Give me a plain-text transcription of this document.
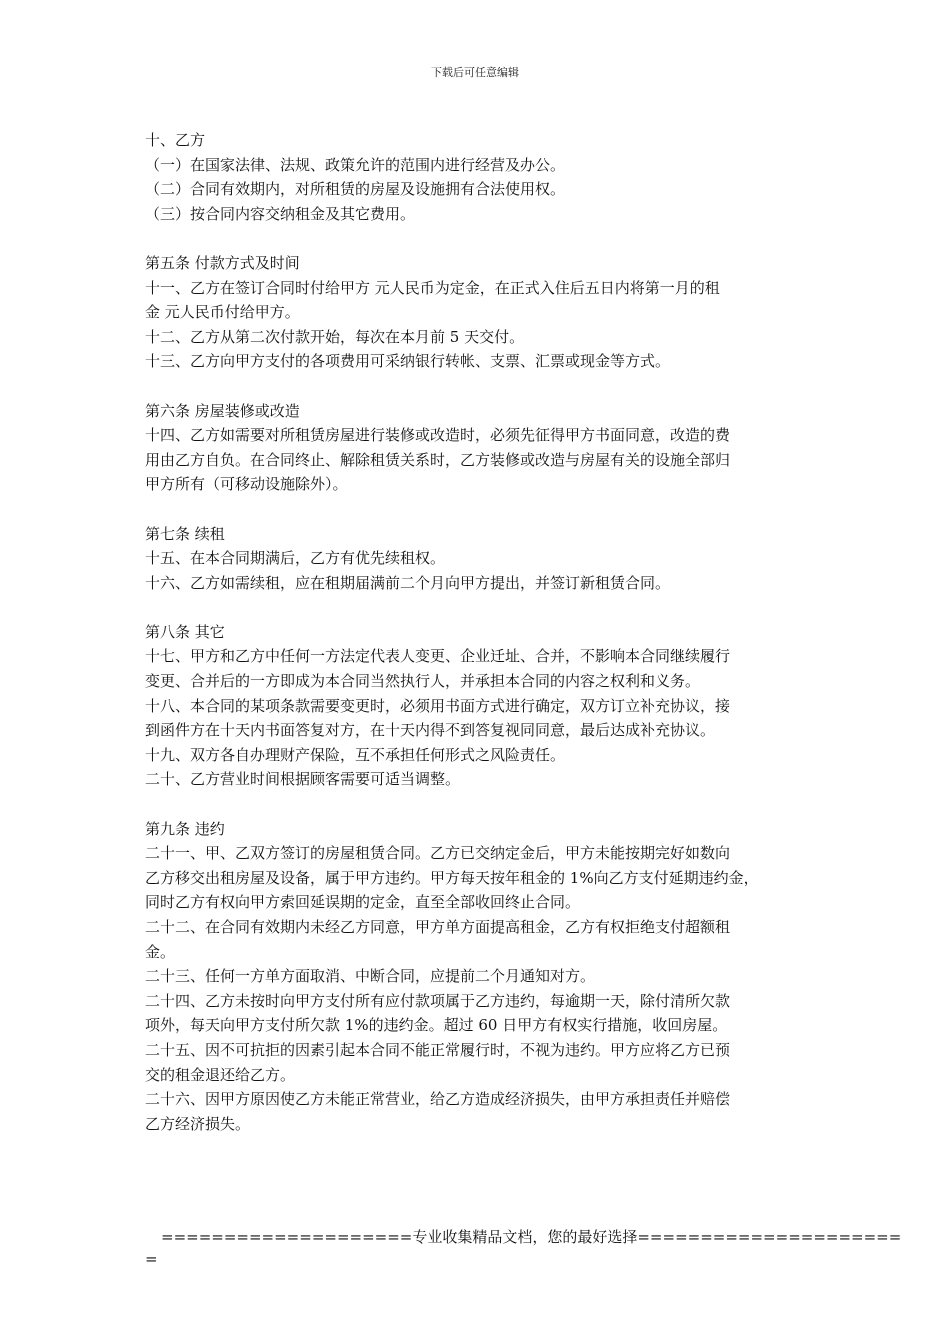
下载后可任意编辑
十、乙方
（一）在国家法律、法规、政策允许的范围内进行经营及办公。
（二）合同有效期内，对所租赁的房屋及设施拥有合法使用权。
（三）按合同内容交纳租金及其它费用。
第五条 付款方式及时间
十一、乙方在签订合同时付给甲方 元人民币为定金，在正式入住后五日内将第一月的租
金 元人民币付给甲方。
十二、乙方从第二次付款开始，每次在本月前 5 天交付。
十三、乙方向甲方支付的各项费用可采纳银行转帐、支票、汇票或现金等方式。
第六条 房屋装修或改造
十四、乙方如需要对所租赁房屋进行装修或改造时，必须先征得甲方书面同意，改造的费
用由乙方自负。在合同终止、解除租赁关系时，乙方装修或改造与房屋有关的设施全部归
甲方所有（可移动设施除外）。
第七条 续租
十五、在本合同期满后，乙方有优先续租权。
十六、乙方如需续租，应在租期届满前二个月向甲方提出，并签订新租赁合同。
第八条 其它
十七、甲方和乙方中任何一方法定代表人变更、企业迁址、合并，不影响本合同继续履行
变更、合并后的一方即成为本合同当然执行人，并承担本合同的内容之权利和义务。
十八、本合同的某项条款需要变更时，必须用书面方式进行确定，双方订立补充协议，接
到函件方在十天内书面答复对方，在十天内得不到答复视同同意，最后达成补充协议。
十九、双方各自办理财产保险，互不承担任何形式之风险责任。
二十、乙方营业时间根据顾客需要可适当调整。
第九条 违约
二十一、甲、乙双方签订的房屋租赁合同。乙方已交纳定金后，甲方未能按期完好如数向
乙方移交出租房屋及设备，属于甲方违约。甲方每天按年租金的 1%向乙方支付延期违约金，
同时乙方有权向甲方索回延误期的定金，直至全部收回终止合同。
二十二、在合同有效期内未经乙方同意，甲方单方面提高租金，乙方有权拒绝支付超额租
金。
二十三、任何一方单方面取消、中断合同，应提前二个月通知对方。
二十四、乙方未按时向甲方支付所有应付款项属于乙方违约，每逾期一天，除付清所欠款
项外，每天向甲方支付所欠款 1%的违约金。超过 60 日甲方有权实行措施，收回房屋。
二十五、因不可抗拒的因素引起本合同不能正常履行时，不视为违约。甲方应将乙方已预
交的租金退还给乙方。
二十六、因甲方原因使乙方未能正常营业，给乙方造成经济损失，由甲方承担责任并赔偿
乙方经济损失。
====================专业收集精品文档，您的最好选择=====================
=
